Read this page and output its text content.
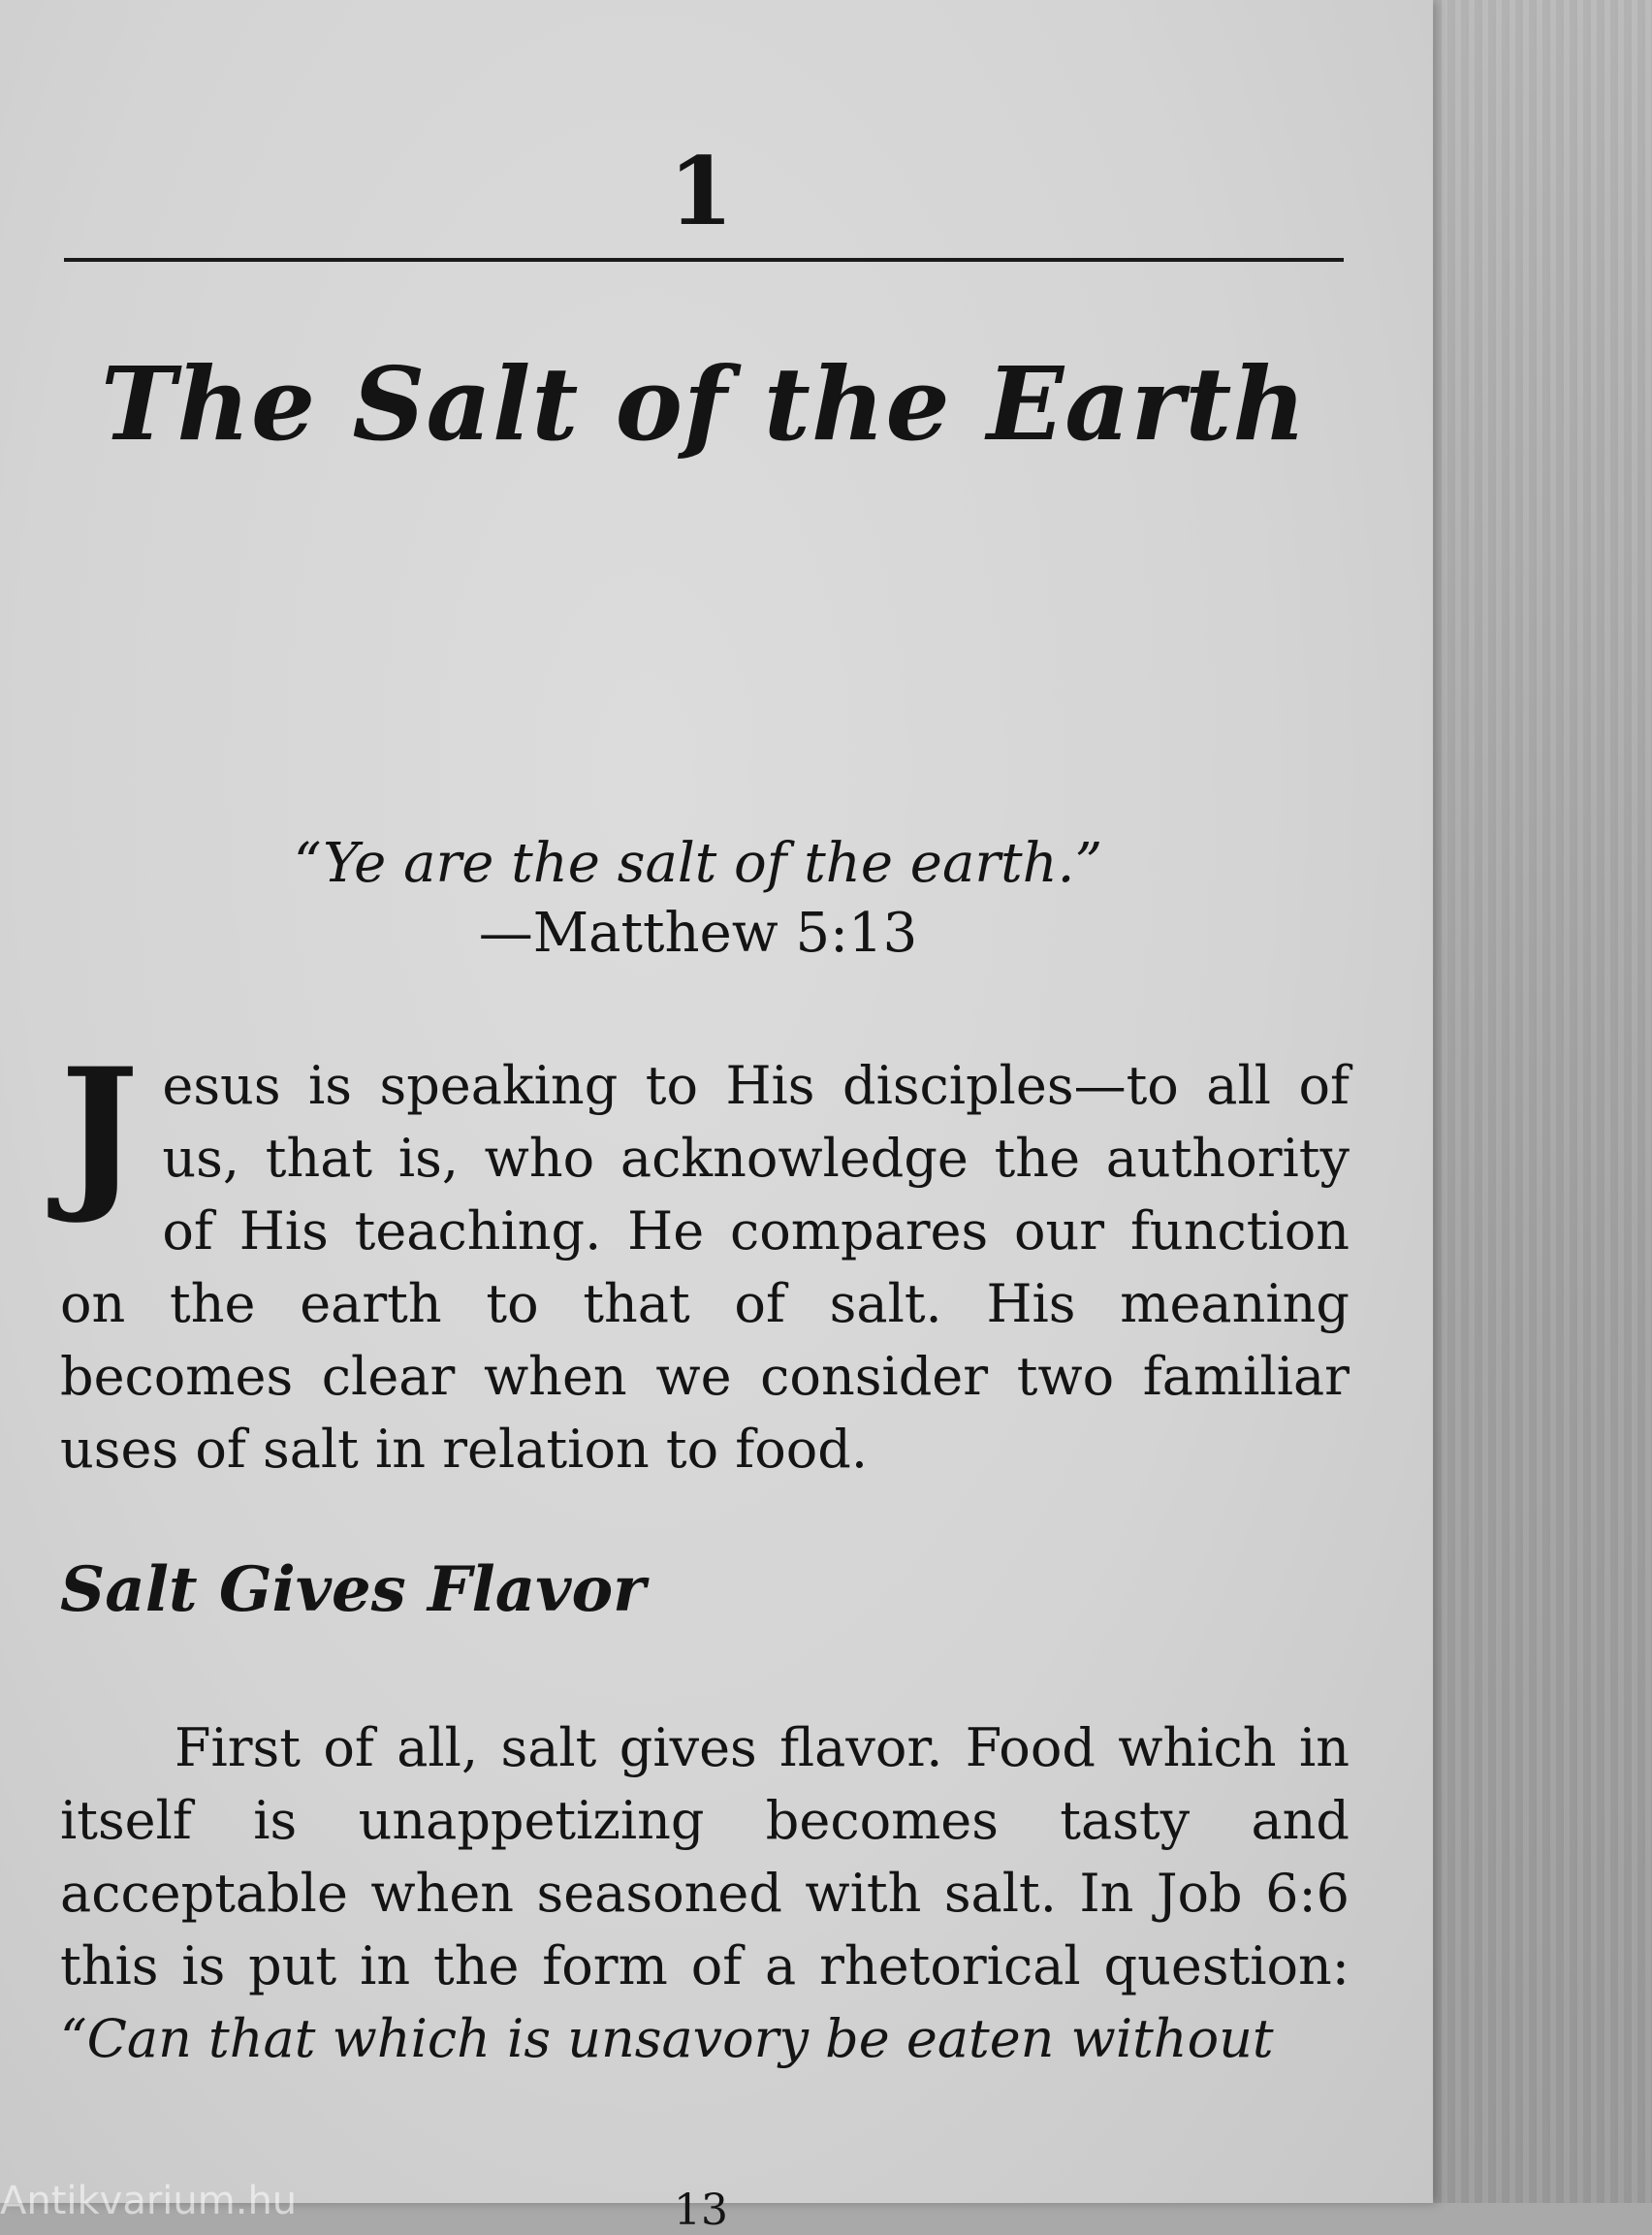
1
The Salt of the Earth
“Ye are the salt of the earth.”
—Matthew 5:13
Jesus is speaking to His disciples—to all of us, that is, who acknowledge the authority of His teaching. He compares our function on the earth to that of salt. His meaning becomes clear when we consider two familiar uses of salt in relation to food.
Salt Gives Flavor
First of all, salt gives flavor. Food which in itself is unappetizing becomes tasty and acceptable when seasoned with salt. In Job 6:6 this is put in the form of a rhetorical question: “Can that which is unsavory be eaten without
13
Antikvarium.hu
